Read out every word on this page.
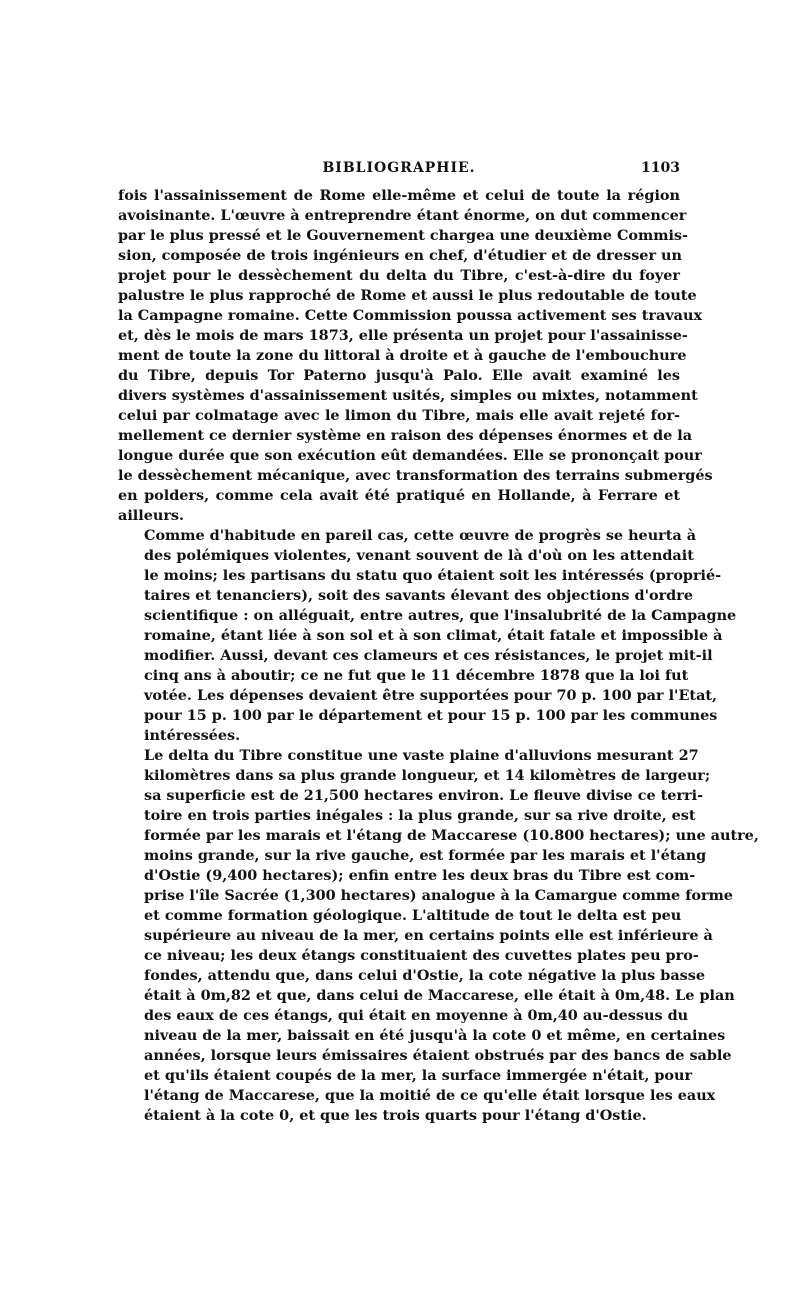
BIBLIOGRAPHIE.	1103

fois l'assainissement de Rome elle-même et celui de toute la région
avoisinante. L'œuvre à entreprendre étant énorme, on dut commencer
par le plus pressé et le Gouvernement chargea une deuxième Commis-
sion, composée de trois ingénieurs en chef, d'étudier et de dresser un
projet pour le dessèchement du delta du Tibre, c'est-à-dire du foyer
palustre le plus rapproché de Rome et aussi le plus redoutable de toute
la Campagne romaine. Cette Commission poussa activement ses travaux
et, dès le mois de mars 1873, elle présenta un projet pour l'assainisse-
ment de toute la zone du littoral à droite et à gauche de l'embouchure
du Tibre, depuis Tor Paterno jusqu'à Palo. Elle avait examiné les
divers systèmes d'assainissement usités, simples ou mixtes, notamment
celui par colmatage avec le limon du Tibre, mais elle avait rejeté for-
mellement ce dernier système en raison des dépenses énormes et de la
longue durée que son exécution eût demandées. Elle se prononçait pour
le dessèchement mécanique, avec transformation des terrains submergés
en polders, comme cela avait été pratiqué en Hollande, à Ferrare et
ailleurs.

Comme d'habitude en pareil cas, cette œuvre de progrès se heurta à
des polémiques violentes, venant souvent de là d'où on les attendait
le moins; les partisans du statu quo étaient soit les intéressés (proprié-
taires et tenanciers), soit des savants élevant des objections d'ordre
scientifique : on alléguait, entre autres, que l'insalubrité de la Campagne
romaine, étant liée à son sol et à son climat, était fatale et impossible à
modifier. Aussi, devant ces clameurs et ces résistances, le projet mit-il
cinq ans à aboutir; ce ne fut que le 11 décembre 1878 que la loi fut
votée. Les dépenses devaient être supportées pour 70 p. 100 par l'Etat,
pour 15 p. 100 par le département et pour 15 p. 100 par les communes
intéressées.

Le delta du Tibre constitue une vaste plaine d'alluvions mesurant 27
kilomètres dans sa plus grande longueur, et 14 kilomètres de largeur;
sa superficie est de 21,500 hectares environ. Le fleuve divise ce terri-
toire en trois parties inégales : la plus grande, sur sa rive droite, est
formée par les marais et l'étang de Maccarese (10.800 hectares); une autre,
moins grande, sur la rive gauche, est formée par les marais et l'étang
d'Ostie (9,400 hectares); enfin entre les deux bras du Tibre est com-
prise l'île Sacrée (1,300 hectares) analogue à la Camargue comme forme
et comme formation géologique. L'altitude de tout le delta est peu
supérieure au niveau de la mer, en certains points elle est inférieure à
ce niveau; les deux étangs constituaient des cuvettes plates peu pro-
fondes, attendu que, dans celui d'Ostie, la cote négative la plus basse
était à 0m,82 et que, dans celui de Maccarese, elle était à 0m,48. Le plan
des eaux de ces étangs, qui était en moyenne à 0m,40 au-dessus du
niveau de la mer, baissait en été jusqu'à la cote 0 et même, en certaines
années, lorsque leurs émissaires étaient obstrués par des bancs de sable
et qu'ils étaient coupés de la mer, la surface immergée n'était, pour
l'étang de Maccarese, que la moitié de ce qu'elle était lorsque les eaux
étaient à la cote 0, et que les trois quarts pour l'étang d'Ostie.
